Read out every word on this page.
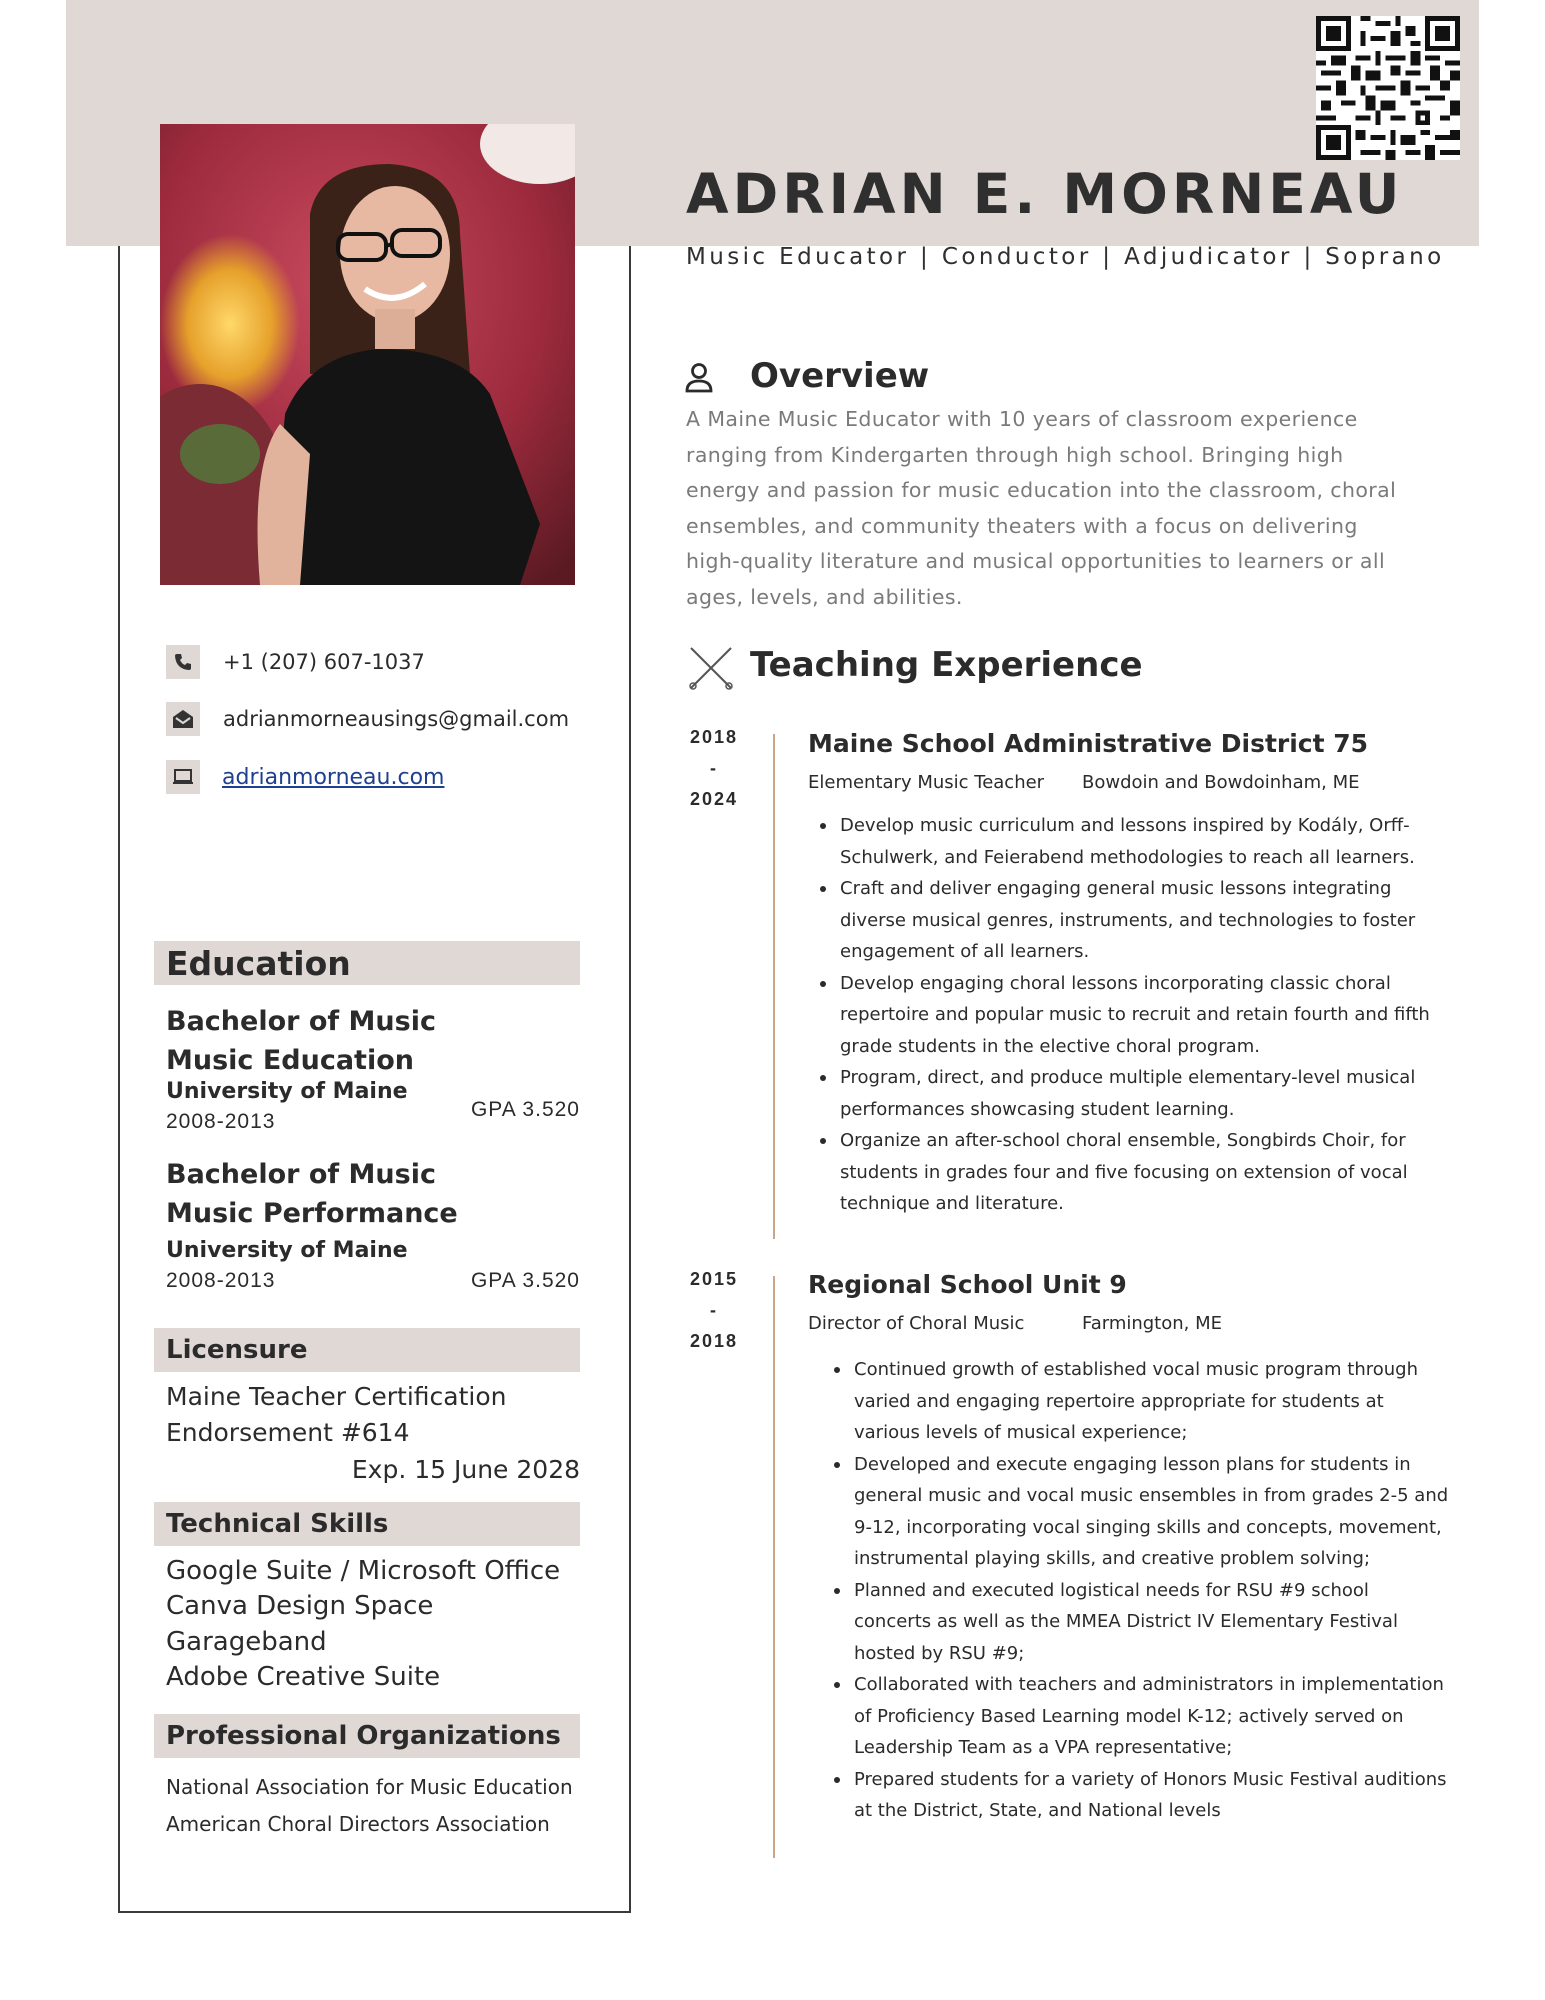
ADRIAN E. MORNEAU
Music Educator | Conductor | Adjudicator | Soprano
+1 (207) 607-1037
adrianmorneausings@gmail.com
adrianmorneau.com
Education
Bachelor of Music
Music Education
University of Maine
2008-2013
GPA 3.520
Bachelor of Music
Music Performance
University of Maine
2008-2013	GPA 3.520
Licensure
Maine Teacher Certification
Endorsement #614
Exp. 15 June 2028
Technical Skills
Google Suite / Microsoft Office
Canva Design Space
Garageband
Adobe Creative Suite
Professional Organizations
National Association for Music Education
American Choral Directors Association
Overview
A Maine Music Educator with 10 years of classroom experience ranging from Kindergarten through high school. Bringing high energy and passion for music education into the classroom, choral ensembles, and community theaters with a focus on delivering high-quality literature and musical opportunities to learners or all ages, levels, and abilities.
Teaching Experience
2018
-
2024
Maine School Administrative District 75
Elementary Music Teacher Bowdoin and Bowdoinham, ME
Develop music curriculum and lessons inspired by Kodály, Orff-Schulwerk, and Feierabend methodologies to reach all learners.
Craft and deliver engaging general music lessons integrating diverse musical genres, instruments, and technologies to foster engagement of all learners.
Develop engaging choral lessons incorporating classic choral repertoire and popular music to recruit and retain fourth and fifth grade students in the elective choral program.
Program, direct, and produce multiple elementary-level musical performances showcasing student learning.
Organize an after-school choral ensemble, Songbirds Choir, for students in grades four and five focusing on extension of vocal technique and literature.
2015
-
2018
Regional School Unit 9
Director of Choral Music	Farmington, ME
Continued growth of established vocal music program through varied and engaging repertoire appropriate for students at various levels of musical experience;
Developed and execute engaging lesson plans for students in general music and vocal music ensembles in from grades 2-5 and 9-12, incorporating vocal singing skills and concepts, movement, instrumental playing skills, and creative problem solving;
Planned and executed logistical needs for RSU #9 school concerts as well as the MMEA District IV Elementary Festival hosted by RSU #9;
Collaborated with teachers and administrators in implementation of Proficiency Based Learning model K-12; actively served on Leadership Team as a VPA representative;
Prepared students for a variety of Honors Music Festival auditions at the District, State, and National levels
